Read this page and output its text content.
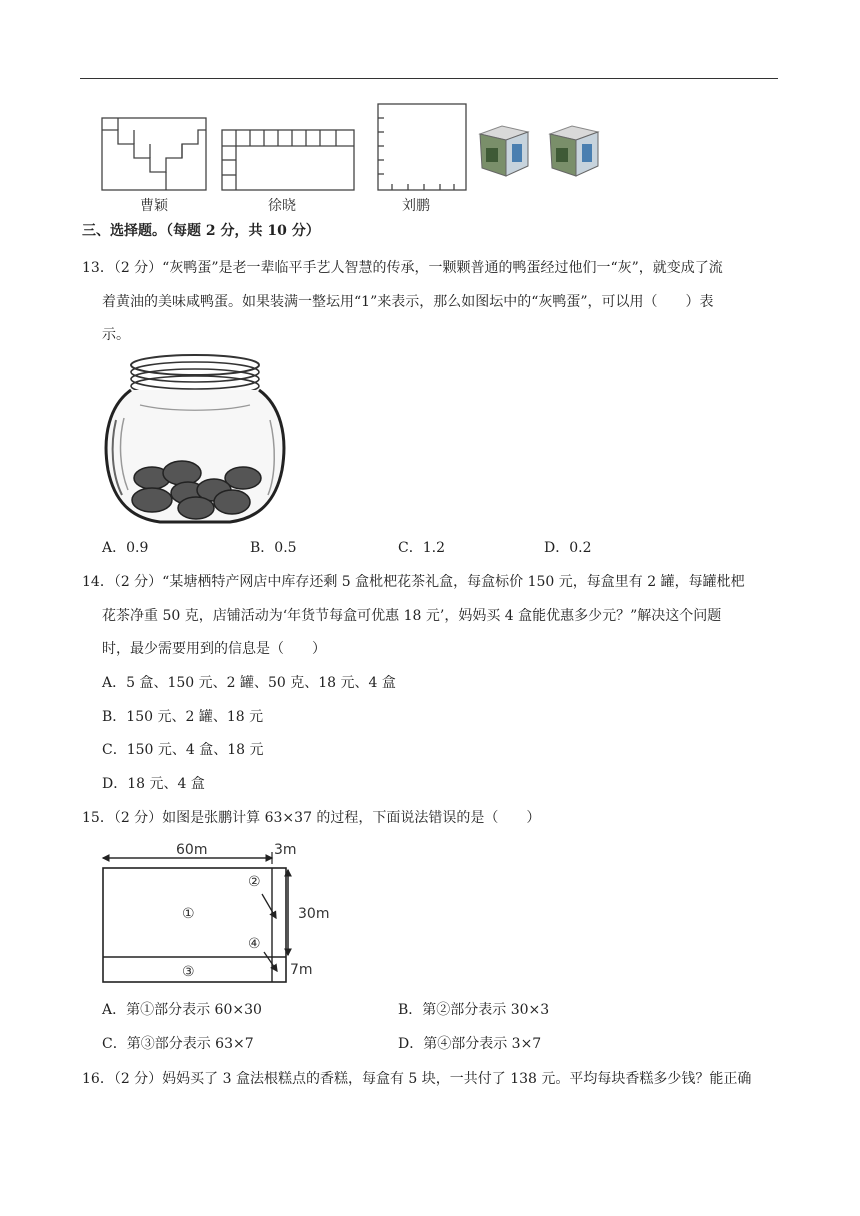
曹颖	徐晓	刘鹏
三、选择题。（每题 2 分，共 10 分）
13．（2 分）“灰鸭蛋”是老一辈临平手艺人智慧的传承，一颗颗普通的鸭蛋经过他们一“灰”，就变成了流
着黄油的美味咸鸭蛋。如果装满一整坛用“1”来表示，那么如图坛中的“灰鸭蛋”，可以用（　　）表
示。
A．0.9	B．0.5	C．1.2	D．0.2
14．（2 分）“某塘栖特产网店中库存还剩 5 盒枇杷花茶礼盒，每盒标价 150 元，每盒里有 2 罐，每罐枇杷
花茶净重 50 克，店铺活动为‘年货节每盒可优惠 18 元’，妈妈买 4 盒能优惠多少元？”解决这个问题
时，最少需要用到的信息是（　　）
A．5 盒、150 元、2 罐、50 克、18 元、4 盒
B．150 元、2 罐、18 元
C．150 元、4 盒、18 元
D．18 元、4 盒
15．（2 分）如图是张鹏计算 63×37 的过程，下面说法错误的是（　　）
60m	3m
30m
7m
①
②
③
④
A．第①部分表示 60×30	B．第②部分表示 30×3
C．第③部分表示 63×7	D．第④部分表示 3×7
16．（2 分）妈妈买了 3 盒法根糕点的香糕，每盒有 5 块，一共付了 138 元。平均每块香糕多少钱？能正确
